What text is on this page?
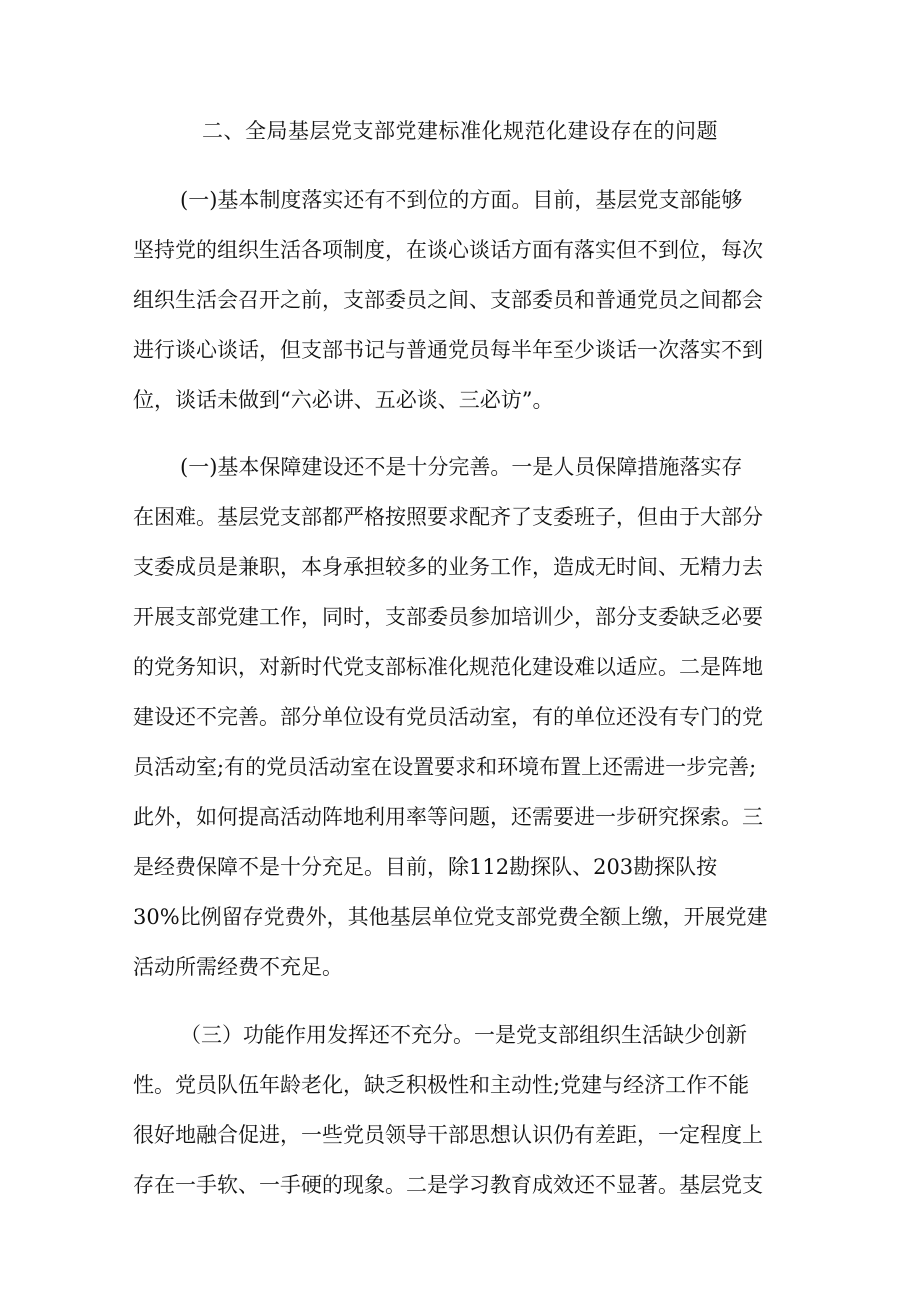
二、全局基层党支部党建标准化规范化建设存在的问题
(一)基本制度落实还有不到位的方面。目前，基层党支部能够
坚持党的组织生活各项制度，在谈心谈话方面有落实但不到位，每次
组织生活会召开之前，支部委员之间、支部委员和普通党员之间都会
进行谈心谈话，但支部书记与普通党员每半年至少谈话一次落实不到
位，谈话未做到“六必讲、五必谈、三必访”。
(一)基本保障建设还不是十分完善。一是人员保障措施落实存
在困难。基层党支部都严格按照要求配齐了支委班子，但由于大部分
支委成员是兼职，本身承担较多的业务工作，造成无时间、无精力去
开展支部党建工作，同时，支部委员参加培训少，部分支委缺乏必要
的党务知识，对新时代党支部标准化规范化建设难以适应。二是阵地
建设还不完善。部分单位设有党员活动室，有的单位还没有专门的党
员活动室;有的党员活动室在设置要求和环境布置上还需进一步完善;
此外，如何提高活动阵地利用率等问题，还需要进一步研究探索。三
是经费保障不是十分充足。目前，除112勘探队、203勘探队按
30%比例留存党费外，其他基层单位党支部党费全额上缴，开展党建
活动所需经费不充足。
（三）功能作用发挥还不充分。一是党支部组织生活缺少创新
性。党员队伍年龄老化，缺乏积极性和主动性;党建与经济工作不能
很好地融合促进，一些党员领导干部思想认识仍有差距，一定程度上
存在一手软、一手硬的现象。二是学习教育成效还不显著。基层党支
